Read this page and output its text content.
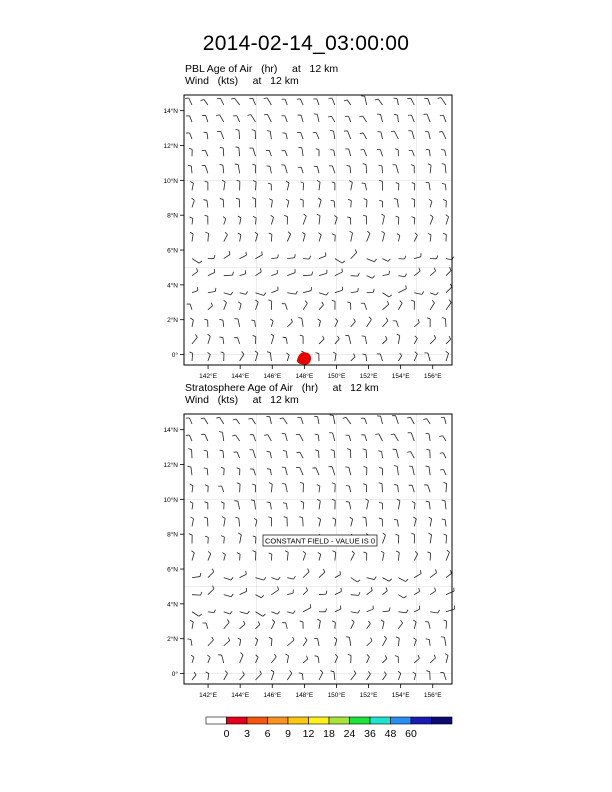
2014-02-14_03:00:00
PBL Age of Air   (hr)     at   12 km
Wind   (kts)     at   12 km
142°E 144°E 146°E 148°E 150°E 152°E 154°E 156°E
14°N
12°N
10°N
8°N
6°N
4°N
2°N
0°
Stratosphere Age of Air   (hr)     at   12 km
Wind   (kts)     at   12 km
142°E 144°E 146°E 148°E 150°E 152°E 154°E 156°E
14°N
12°N
10°N
8°N
6°N
4°N
2°N
0°
CONSTANT FIELD - VALUE IS 0
0	3	6	9	12 18 24 36 48 60
